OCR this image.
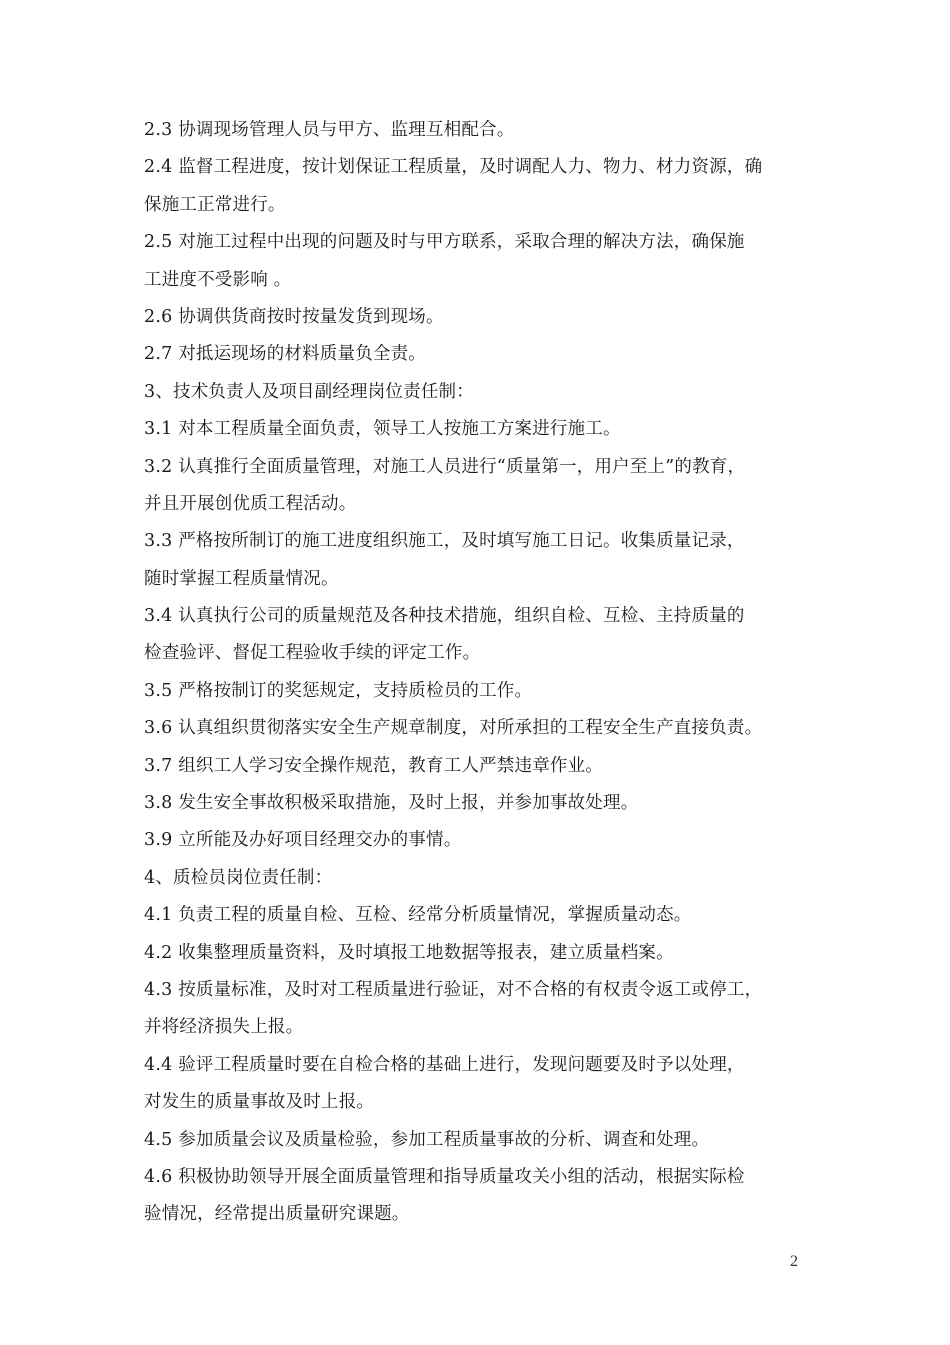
2.3 协调现场管理人员与甲方、监理互相配合。
2.4 监督工程进度，按计划保证工程质量，及时调配人力、物力、材力资源，确
保施工正常进行。
2.5 对施工过程中出现的问题及时与甲方联系，采取合理的解决方法，确保施
工进度不受影响 。
2.6 协调供货商按时按量发货到现场。
2.7 对抵运现场的材料质量负全责。
3、技术负责人及项目副经理岗位责任制：
3.1 对本工程质量全面负责，领导工人按施工方案进行施工。
3.2 认真推行全面质量管理，对施工人员进行“质量第一，用户至上”的教育，
并且开展创优质工程活动。
3.3 严格按所制订的施工进度组织施工，及时填写施工日记。收集质量记录，
随时掌握工程质量情况。
3.4 认真执行公司的质量规范及各种技术措施，组织自检、互检、主持质量的
检查验评、督促工程验收手续的评定工作。
3.5 严格按制订的奖惩规定，支持质检员的工作。
3.6 认真组织贯彻落实安全生产规章制度，对所承担的工程安全生产直接负责。
3.7 组织工人学习安全操作规范，教育工人严禁违章作业。
3.8 发生安全事故积极采取措施，及时上报，并参加事故处理。
3.9 立所能及办好项目经理交办的事情。
4、质检员岗位责任制：
4.1 负责工程的质量自检、互检、经常分析质量情况，掌握质量动态。
4.2 收集整理质量资料，及时填报工地数据等报表，建立质量档案。
4.3 按质量标准，及时对工程质量进行验证，对不合格的有权责令返工或停工，
并将经济损失上报。
4.4 验评工程质量时要在自检合格的基础上进行，发现问题要及时予以处理，
对发生的质量事故及时上报。
4.5 参加质量会议及质量检验，参加工程质量事故的分析、调查和处理。
4.6 积极协助领导开展全面质量管理和指导质量攻关小组的活动，根据实际检
验情况，经常提出质量研究课题。
2
